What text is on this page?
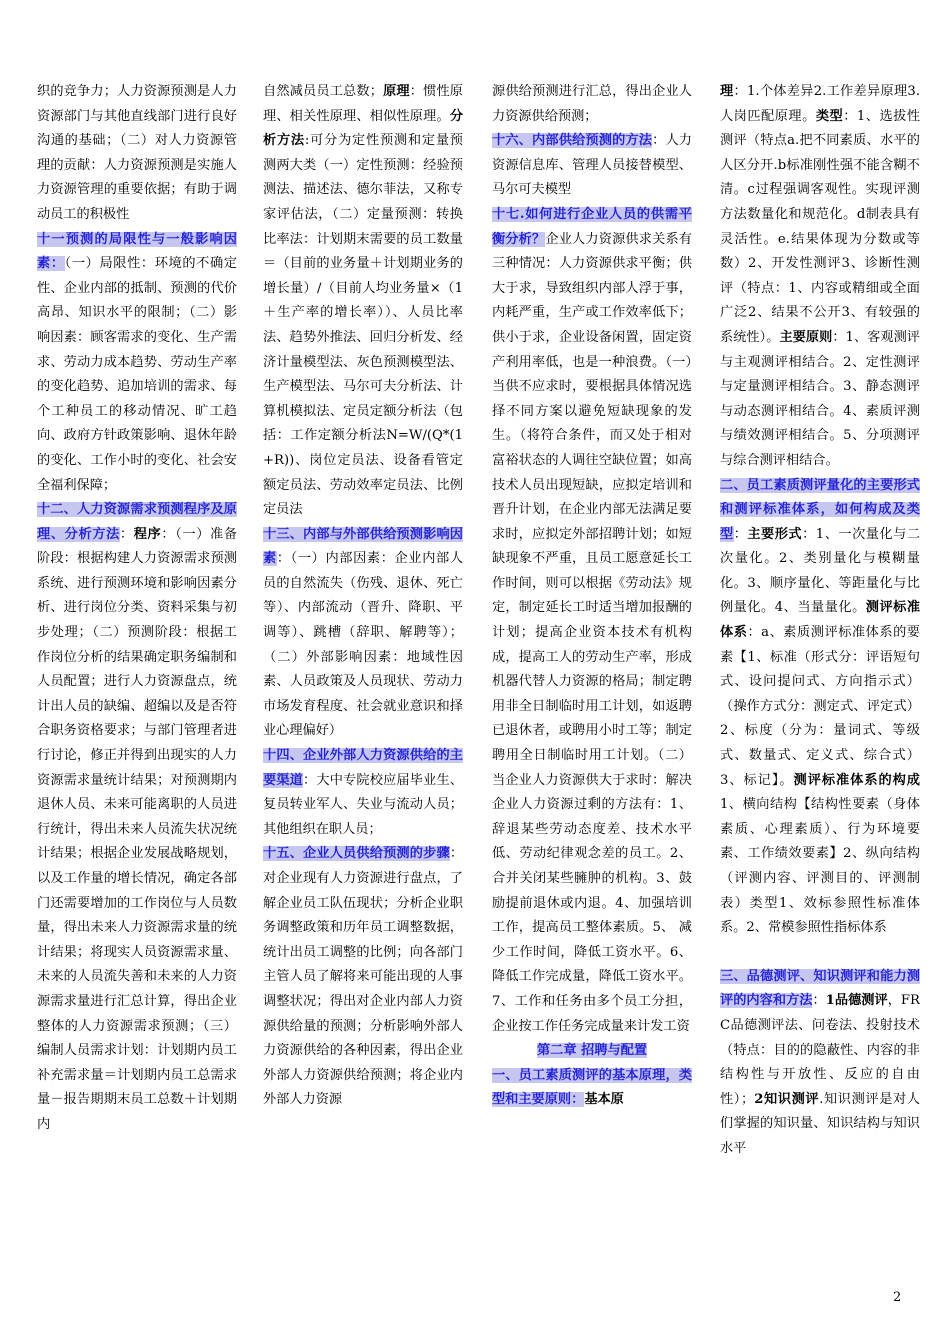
织的竞争力；人力资源预测是人力资源部门与其他直线部门进行良好沟通的基础；（二）对人力资源管理的贡献：人力资源预测是实施人力资源管理的重要依据；有助于调动员工的积极性

十一预测的局限性与一般影响因素：（一）局限性：环境的不确定性、企业内部的抵制、预测的代价高昂、知识水平的限制；（二）影响因素：顾客需求的变化、生产需求、劳动力成本趋势、劳动生产率的变化趋势、追加培训的需求、每个工种员工的移动情况、旷工趋向、政府方针政策影响、退休年龄的变化、工作小时的变化、社会安全福利保障；

十二、人力资源需求预测程序及原理、分析方法：程序：（一）准备阶段：根据构建人力资源需求预测系统、进行预测环境和影响因素分析、进行岗位分类、资料采集与初步处理；（二）预测阶段：根据工作岗位分析的结果确定职务编制和人员配置；进行人力资源盘点，统计出人员的缺编、超编以及是否符合职务资格要求；与部门管理者进行讨论，修正并得到出现实的人力资源需求量统计结果；对预测期内退休人员、未来可能离职的人员进行统计，得出未来人员流失状况统计结果；根据企业发展战略规划，以及工作量的增长情况，确定各部门还需要增加的工作岗位与人员数量，得出未来人力资源需求量的统计结果；将现实人员资源需求量、未来的人员流失善和未来的人力资源需求量进行汇总计算，得出企业整体的人力资源需求预测；（三）编制人员需求计划：计划期内员工补充需求量＝计划期内员工总需求量－报告期期末员工总数＋计划期内

自然减员员工总数；原理：惯性原理、相关性原理、相似性原理。分析方法:可分为定性预测和定量预测两大类（一）定性预测：经验预测法、描述法、德尔菲法，又称专家评估法，（二）定量预测：转换比率法：计划期末需要的员工数量＝（目前的业务量＋计划期业务的增长量）/（目前人均业务量×（1＋生产率的增长率））、人员比率法、趋势外推法、回归分析发、经济计量模型法、灰色预测模型法、生产模型法、马尔可夫分析法、计算机模拟法、定员定额分析法（包括：工作定额分析法N=W/(Q*(1+R))、岗位定员法、设备看管定额定员法、劳动效率定员法、比例定员法

十三、内部与外部供给预测影响因素：（一）内部因素：企业内部人员的自然流失（伤残、退休、死亡等）、内部流动（晋升、降职、平调等）、跳槽（辞职、解聘等）；（二）外部影响因素：地域性因素、人员政策及人员现状、劳动力市场发育程度、社会就业意识和择业心理偏好）

十四、企业外部人力资源供给的主要渠道：大中专院校应届毕业生、复员转业军人、失业与流动人员；其他组织在职人员；

十五、企业人员供给预测的步骤：对企业现有人力资源进行盘点，了解企业员工队伍现状；分析企业职务调整政策和历年员工调整数据，统计出员工调整的比例；向各部门主管人员了解将来可能出现的人事调整状况；得出对企业内部人力资源供给量的预测；分析影响外部人力资源供给的各种因素，得出企业外部人力资源供给预测；将企业内外部人力资源

源供给预测进行汇总，得出企业人力资源供给预测；

十六、内部供给预测的方法：人力资源信息库、管理人员接替模型、马尔可夫模型

十七.如何进行企业人员的供需平衡分析？企业人力资源供求关系有三种情况：人力资源供求平衡；供大于求，导致组织内部人浮于事，内耗严重，生产或工作效率低下；供小于求，企业设备闲置，固定资产利用率低，也是一种浪费。（一）当供不应求时，要根据具体情况选择不同方案以避免短缺现象的发生。（将符合条件，而又处于相对富裕状态的人调往空缺位置；如高技术人员出现短缺，应拟定培训和晋升计划，在企业内部无法满足要求时，应拟定外部招聘计划；如短缺现象不严重，且员工愿意延长工作时间，则可以根据《劳动法》规定，制定延长工时适当增加报酬的计划；提高企业资本技术有机构成，提高工人的劳动生产率，形成机器代替人力资源的格局；制定聘用非全日制临时用工计划，如返聘已退休者，或聘用小时工等；制定聘用全日制临时用工计划。（二）当企业人力资源供大于求时：解决企业人力资源过剩的方法有：1、辞退某些劳动态度差、技术水平低、劳动纪律观念差的员工。2、合并关闭某些臃肿的机构。3、鼓励提前退休或内退。4、加强培训工作，提高员工整体素质。5、 减少工作时间，降低工资水平。6、降低工作完成量，降低工资水平。7、工作和任务由多个员工分担，企业按工作任务完成量来计发工资

第二章 招聘与配置

一、员工素质测评的基本原理，类型和主要原则：基本原

理：1.个体差异2.工作差异原理3.人岗匹配原理。类型：1、选拔性测评（特点a.把不同素质、水平的人区分开.b标准刚性强不能含糊不清。c过程强调客观性。实现评测方法数量化和规范化。d制表具有灵活性。e.结果体现为分数或等数）2、开发性测评3、诊断性测评（特点：1、内容或精细或全面广泛2、结果不公开3、有较强的系统性）。主要原则：1、客观测评与主观测评相结合。2、定性测评与定量测评相结合。3、静态测评与动态测评相结合。4、素质评测与绩效测评相结合。5、分项测评与综合测评相结合。

二、员工素质测评量化的主要形式和测评标准体系，如何构成及类型：主要形式：1、一次量化与二次量化。2、类别量化与模糊量化。3、顺序量化、等距量化与比例量化。4、当量量化。测评标准体系：a、素质测评标准体系的要素【1、标准（形式分：评语短句式、设问提问式、方向指示式）（操作方式分：测定式、评定式）2、标度（分为：量词式、等级式、数量式、定义式、综合式）3、标记】。测评标准体系的构成1、横向结构【结构性要素（身体素质、心理素质）、行为环境要素、工作绩效要素】2、纵向结构（评测内容、评测目的、评测制表）类型1、效标参照性标准体系。2、常模参照性指标体系

三、品德测评、知识测评和能力测评的内容和方法：1品德测评，FRC品德测评法、问卷法、投射技术（特点：目的的隐蔽性、内容的非结构性与开放性、反应的自由性）；2知识测评.知识测评是对人们掌握的知识量、知识结构与知识水平

2
